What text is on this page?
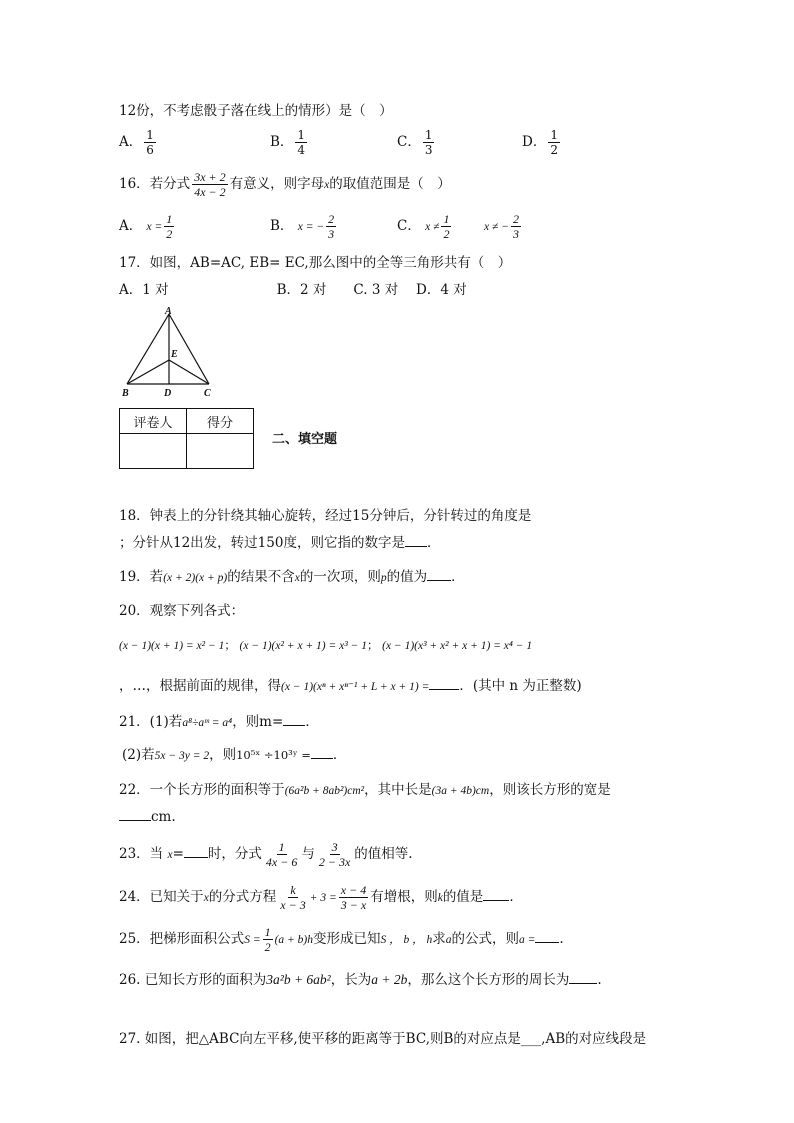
12份，不考虑骰子落在线上的情形）是（　）
A． $\frac{1}{6}$	B． $\frac{1}{4}$	C． $\frac{1}{3}$	D． $\frac{1}{2}$
16．若分式 $\frac{3x + 2}{4x - 2}$ 有意义，则字母x的取值范围是（　）
A． $x = \frac{1}{2}$	B． x = − $\frac{2}{3}$	C． $x \ne \frac{1}{2}$	x ≠ − $\frac{2}{3}$
17．如图，AB=AC, EB= EC,那么图中的全等三角形共有（　）
A．1 对　　　　　　　　B．2 对　　C. 3 对　 D．4 对
A
E
B	D	C
评卷人	得分

二、填空题
18．钟表上的分针绕其轴心旋转，经过15分钟后，分针转过的角度是
；分针从12出发，转过150度，则它指的数字是 ．
19．若(x + 2)(x + p)的结果不含x的一次项，则p的值为 ．
20．观察下列各式：
(x − 1)(x + 1) = x² − 1； (x − 1)(x² + x + 1) = x³ − 1； (x − 1)(x³ + x² + x + 1) = x⁴ − 1
，…，根据前面的规律，得(x − 1)(xⁿ + xⁿ⁻¹ + L + x + 1) = ．(其中 n 为正整数)
21．(1)若a⁸÷aᵐ = a⁴，则m= ．
(2)若5x − 3y = 2，则10⁵ˣ ÷10³ʸ = ．
22．一个长方形的面积等于(6a²b + 8ab²)cm²，其中长是(3a + 4b)cm，则该长方形的宽是
cm.
23．当 x= 时，分式 $\frac{1}{4x - 6}$ 与 $\frac{3}{2 - 3x}$ 的值相等.
24．已知关于x的分式方程 $\frac{k}{x - 3} + 3 = \frac{x - 4}{3 - x}$ 有增根，则k的值是 ．
25．把梯形面积公式$S = \frac{1}{2} (a + b)h$变形成已知S ， b ， h求a的公式，则a = .
26. 已知长方形的面积为3a²b + 6ab²，长为a + 2b，那么这个长方形的周长为 .
27. 如图，把△ABC向左平移,使平移的距离等于BC,则B的对应点是___,AB的对应线段是
